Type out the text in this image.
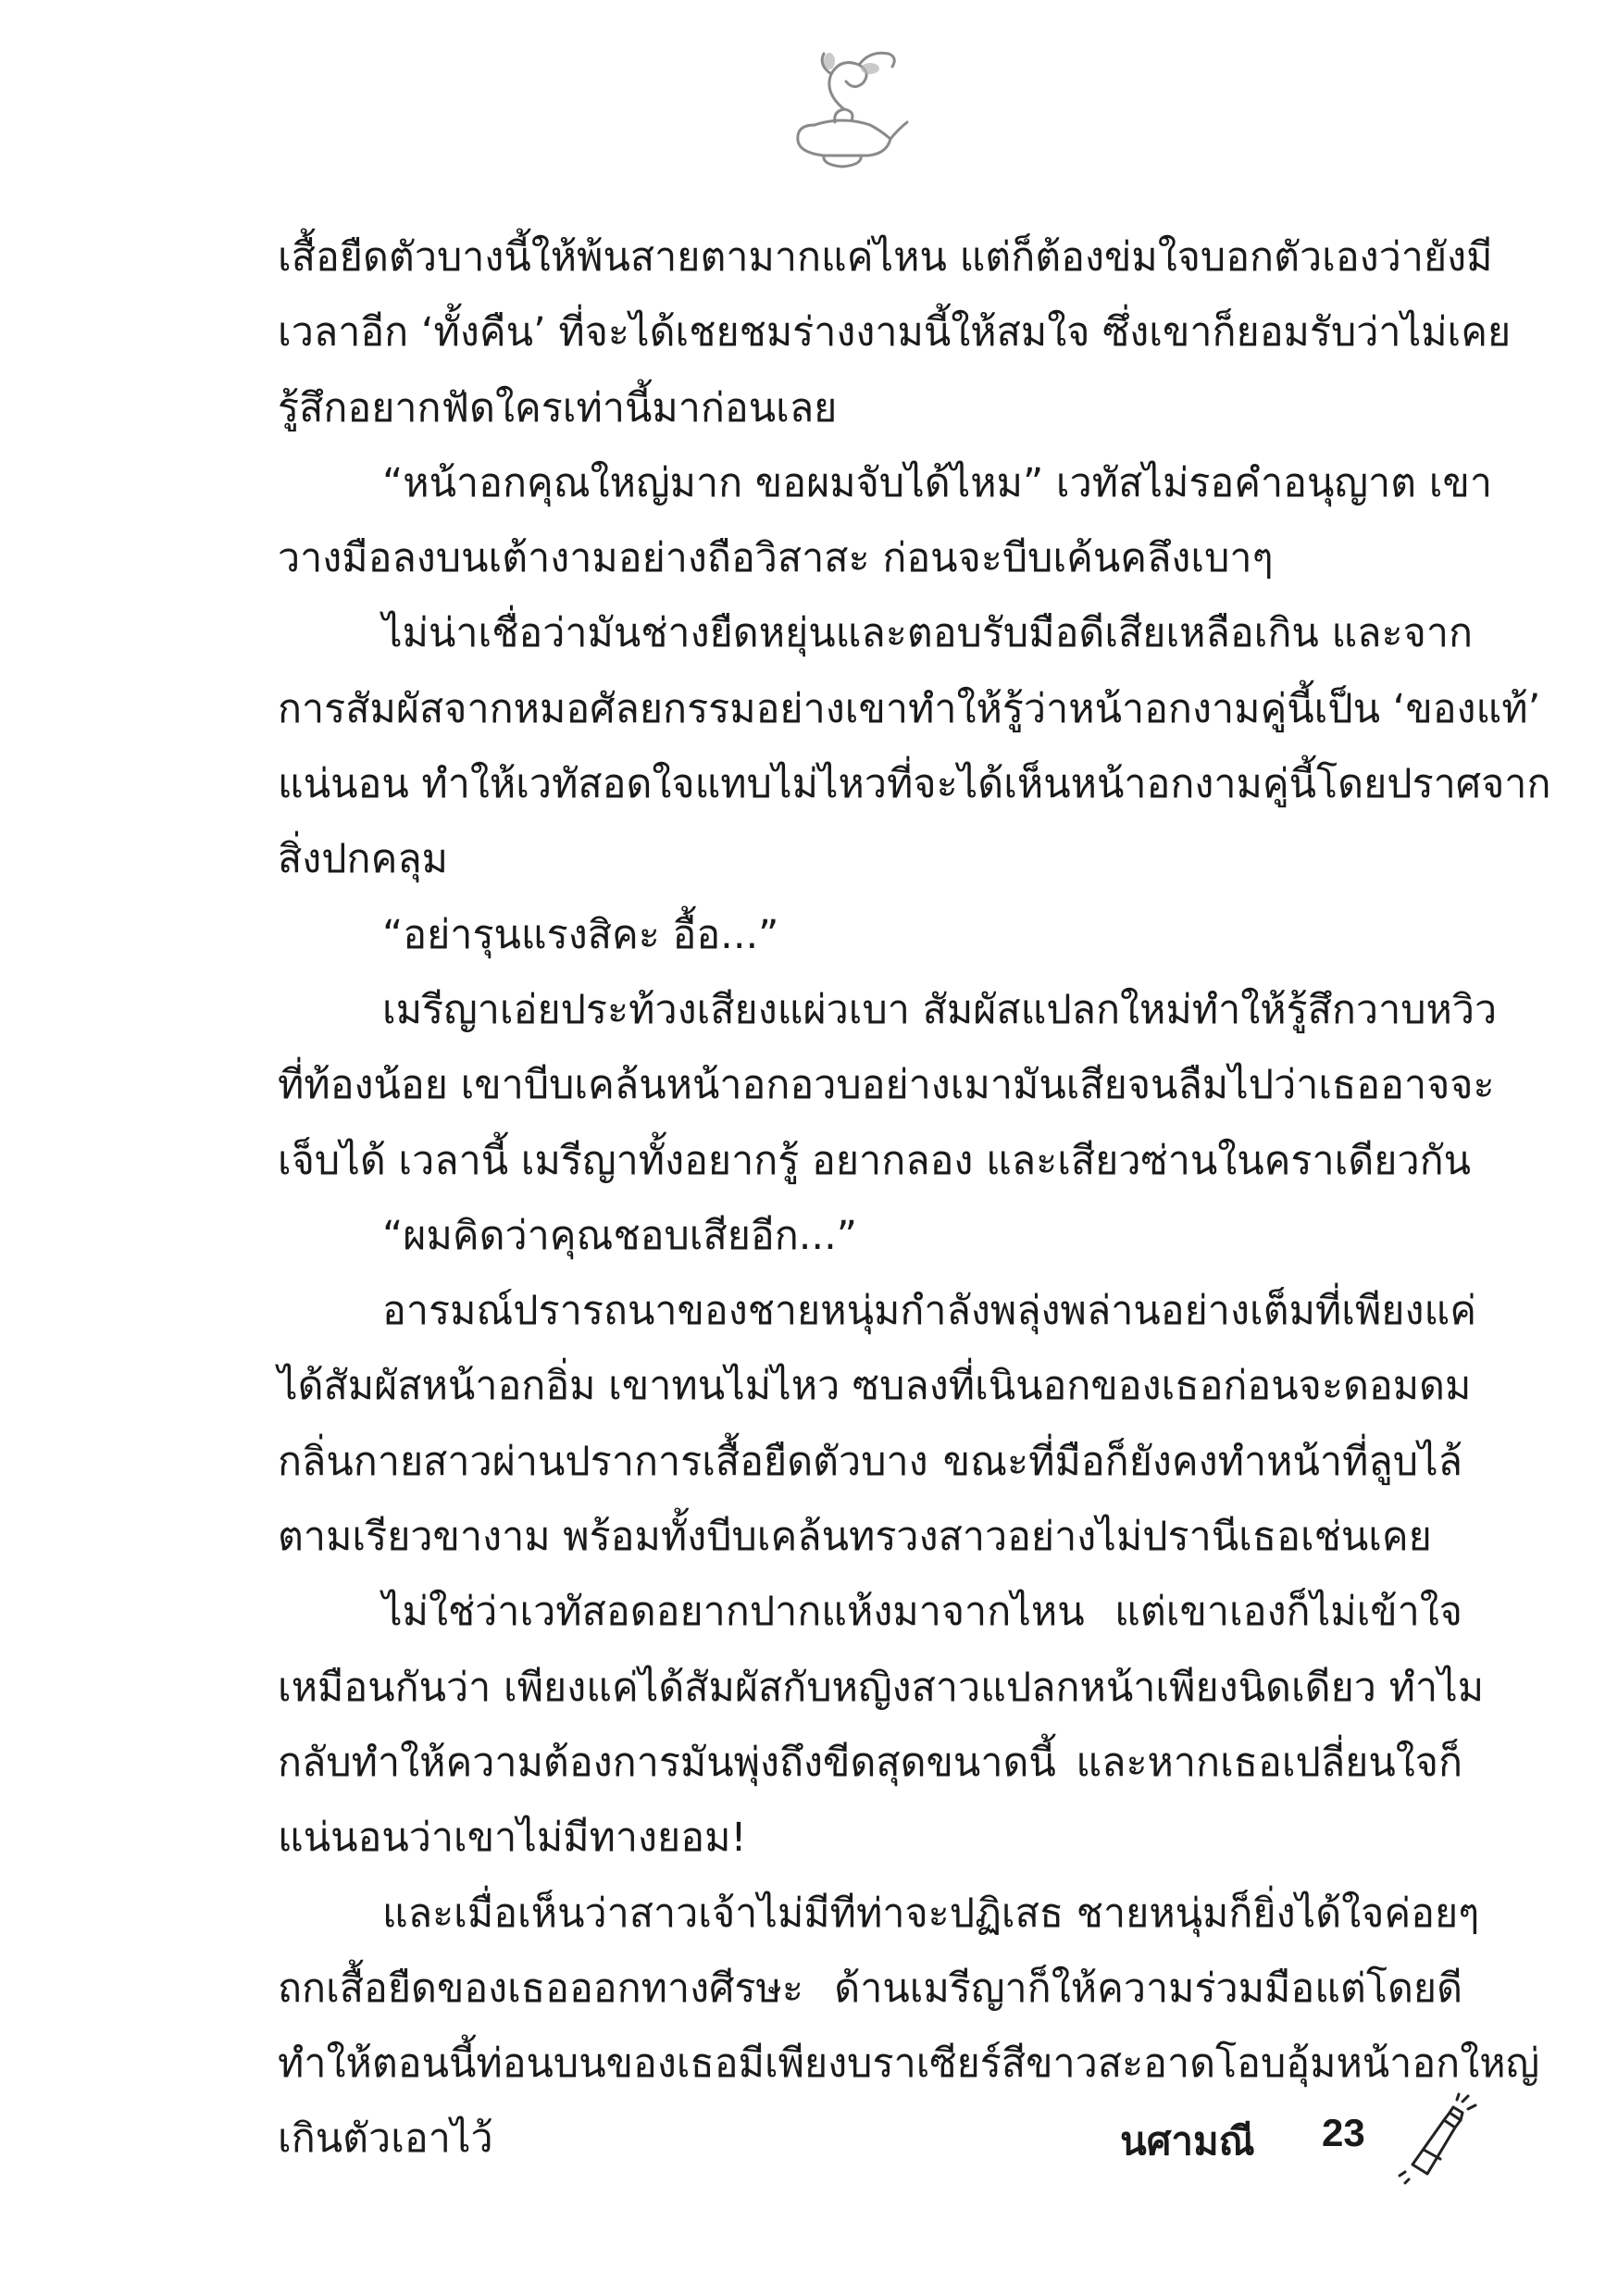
เสื้อยืดตัวบางนี้ให้พ้นสายตามากแค่ไหน แต่ก็ต้องข่มใจบอกตัวเองว่ายังมี
เวลาอีก ‘ทั้งคืน’ ที่จะได้เชยชมร่างงามนี้ให้สมใจ ซึ่งเขาก็ยอมรับว่าไม่เคย
รู้สึกอยากฟัดใครเท่านี้มาก่อนเลย
“หน้าอกคุณใหญ่มาก ขอผมจับได้ไหม” เวทัสไม่รอคำอนุญาต เขา
วางมือลงบนเต้างามอย่างถือวิสาสะ ก่อนจะบีบเค้นคลึงเบาๆ
ไม่น่าเชื่อว่ามันช่างยืดหยุ่นและตอบรับมือดีเสียเหลือเกิน และจาก
การสัมผัสจากหมอศัลยกรรมอย่างเขาทำให้รู้ว่าหน้าอกงามคู่นี้เป็น ‘ของแท้’
แน่นอน ทำให้เวทัสอดใจแทบไม่ไหวที่จะได้เห็นหน้าอกงามคู่นี้โดยปราศจาก
สิ่งปกคลุม
“อย่ารุนแรงสิคะ อื้อ...”
เมรีญาเอ่ยประท้วงเสียงแผ่วเบา สัมผัสแปลกใหม่ทำให้รู้สึกวาบหวิว
ที่ท้องน้อย เขาบีบเคล้นหน้าอกอวบอย่างเมามันเสียจนลืมไปว่าเธออาจจะ
เจ็บได้ เวลานี้ เมรีญาทั้งอยากรู้ อยากลอง และเสียวซ่านในคราเดียวกัน
“ผมคิดว่าคุณชอบเสียอีก...”
อารมณ์ปรารถนาของชายหนุ่มกำลังพลุ่งพล่านอย่างเต็มที่เพียงแค่
ได้สัมผัสหน้าอกอิ่ม เขาทนไม่ไหว ซบลงที่เนินอกของเธอก่อนจะดอมดม
กลิ่นกายสาวผ่านปราการเสื้อยืดตัวบาง ขณะที่มือก็ยังคงทำหน้าที่ลูบไล้
ตามเรียวขางาม พร้อมทั้งบีบเคล้นทรวงสาวอย่างไม่ปรานีเธอเช่นเคย
ไม่ใช่ว่าเวทัสอดอยากปากแห้งมาจากไหน แต่เขาเองก็ไม่เข้าใจ
เหมือนกันว่า เพียงแค่ได้สัมผัสกับหญิงสาวแปลกหน้าเพียงนิดเดียว ทำไม
กลับทำให้ความต้องการมันพุ่งถึงขีดสุดขนาดนี้ และหากเธอเปลี่ยนใจก็
แน่นอนว่าเขาไม่มีทางยอม!
และเมื่อเห็นว่าสาวเจ้าไม่มีทีท่าจะปฏิเสธ ชายหนุ่มก็ยิ่งได้ใจค่อยๆ
ถกเสื้อยืดของเธอออกทางศีรษะ ด้านเมรีญาก็ให้ความร่วมมือแต่โดยดี
ทำให้ตอนนี้ท่อนบนของเธอมีเพียงบราเซียร์สีขาวสะอาดโอบอุ้มหน้าอกใหญ่
เกินตัวเอาไว้	นศามณี 23
